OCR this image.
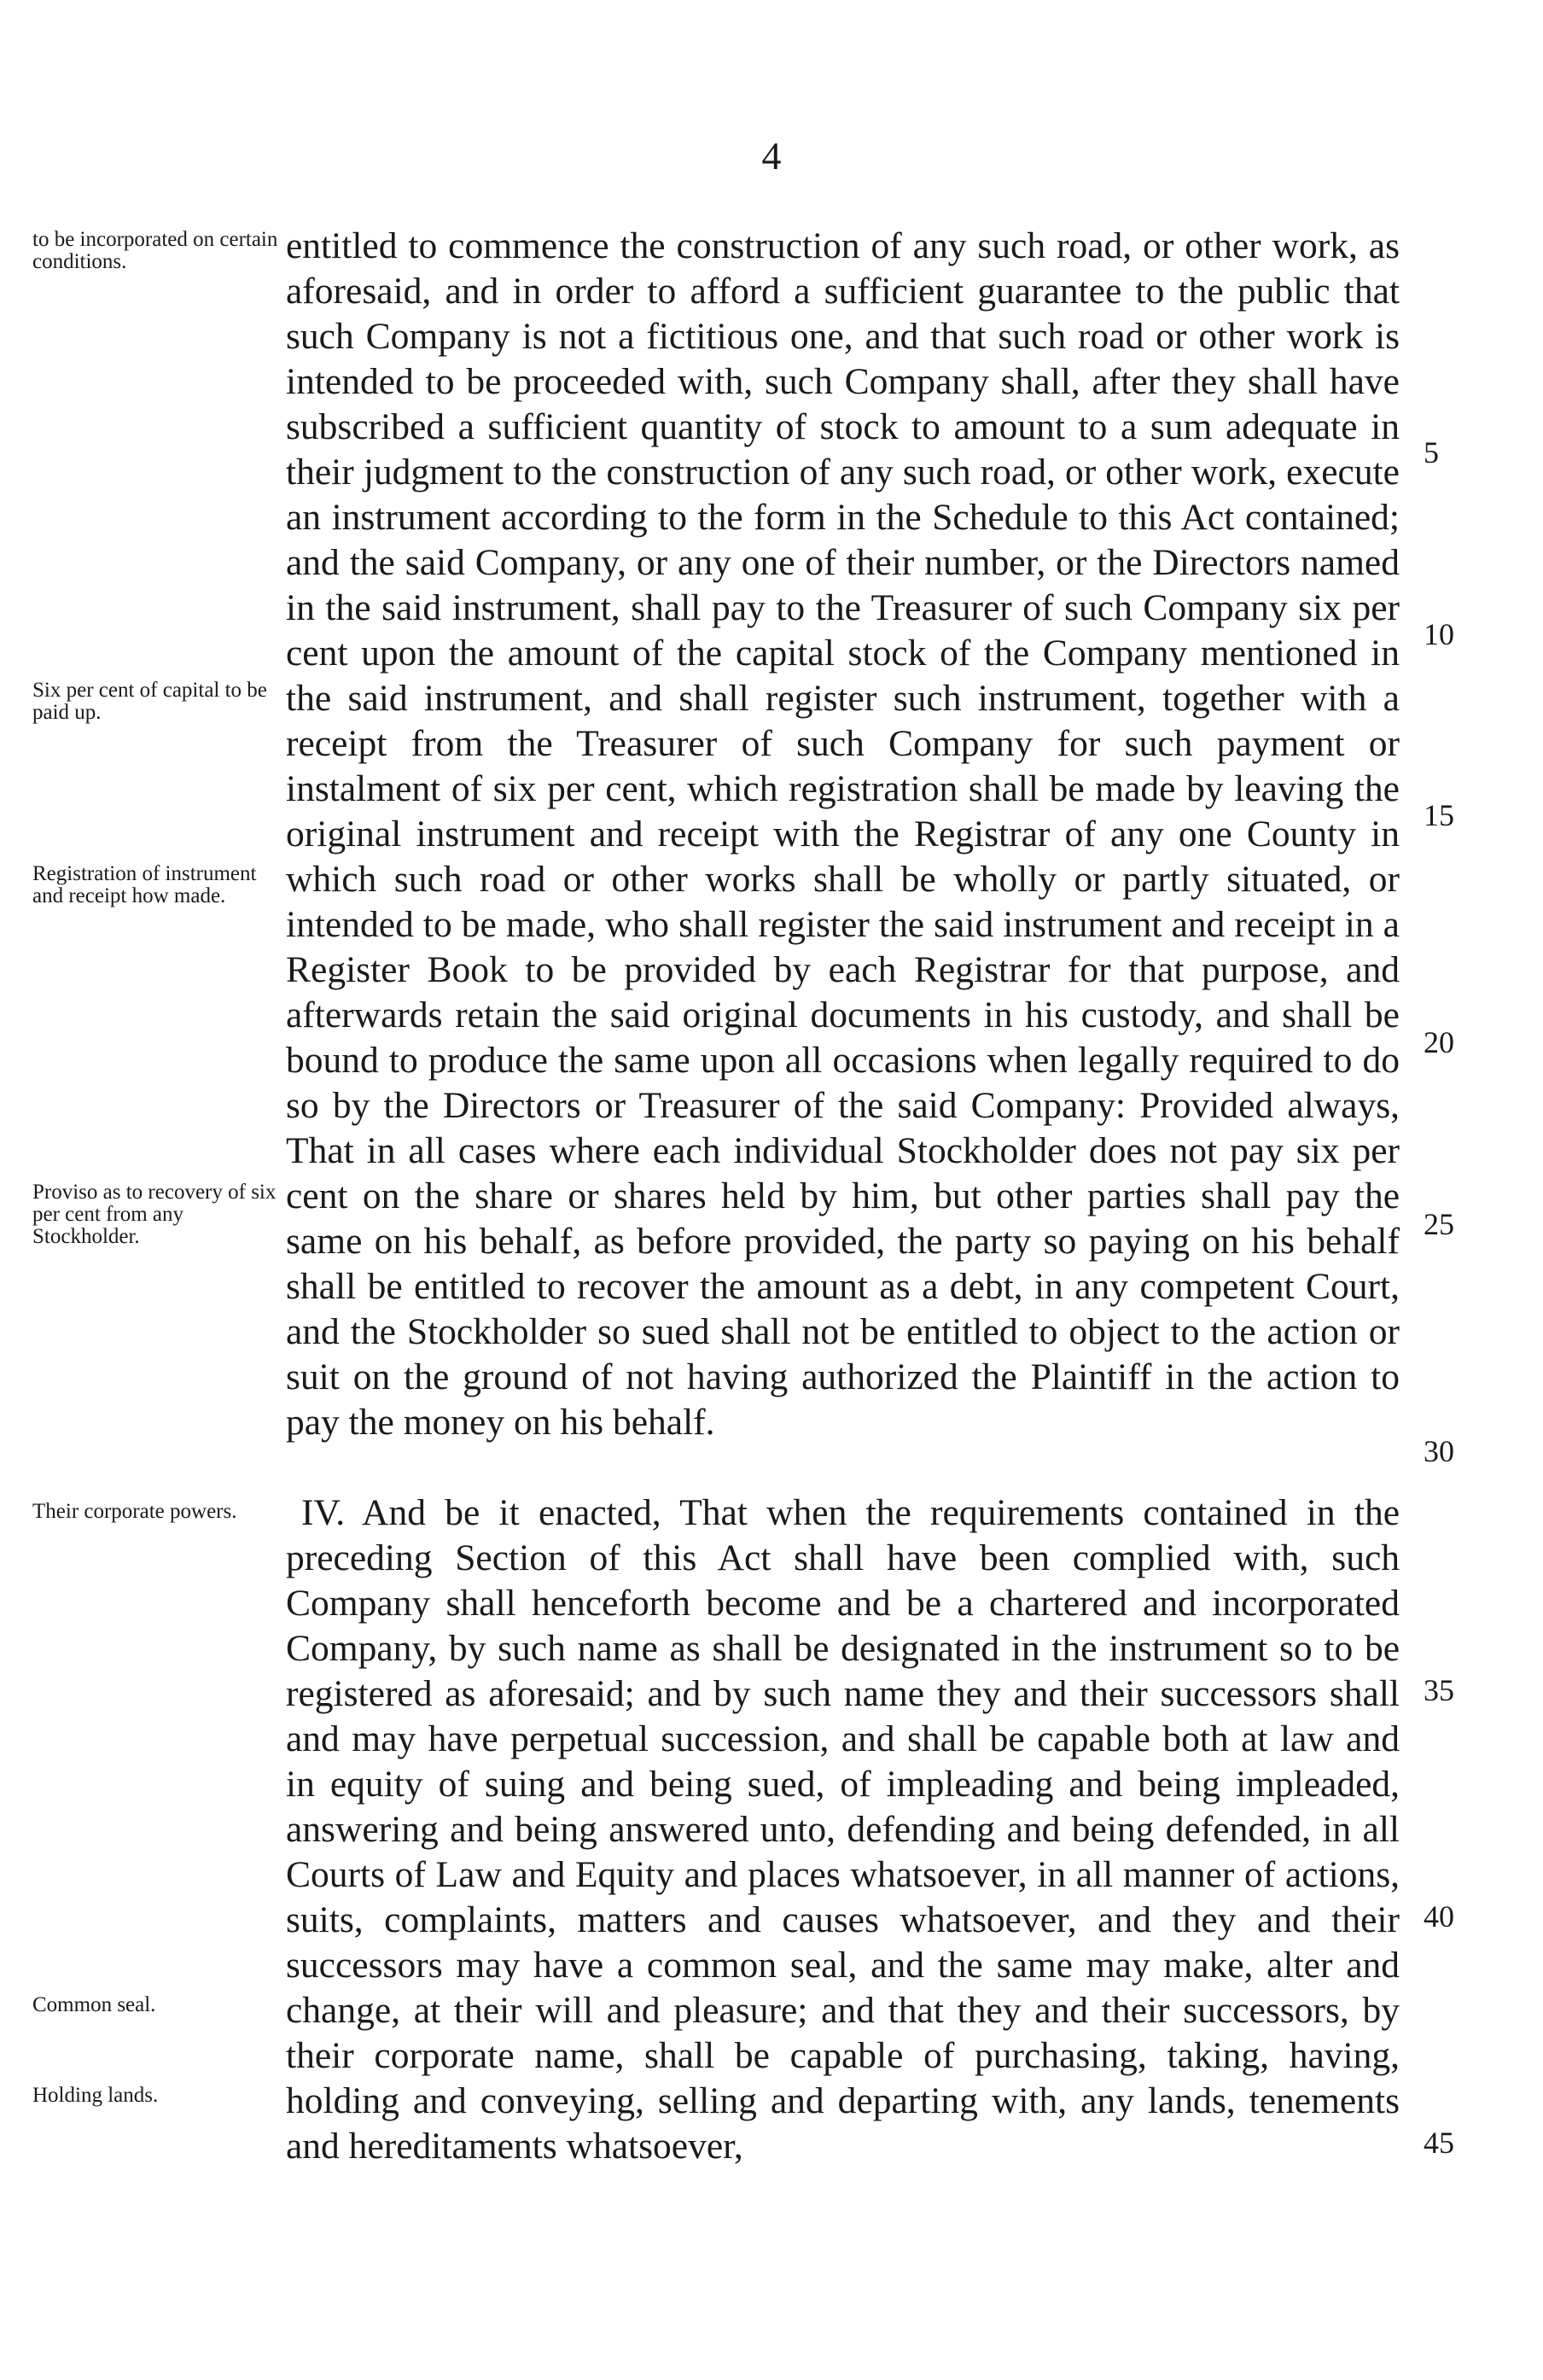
4
to be incorporated on certain conditions.
Six per cent of capital to be paid up.
Registration of instrument and receipt how made.
Proviso as to recovery of six per cent from any Stockholder.
Their corporate powers.
Common seal.
Holding lands.
entitled to commence the construction of any such road, or other work, as aforesaid, and in order to afford a sufficient guarantee to the public that such Company is not a fictitious one, and that such road or other work is intended to be proceeded with, such Company shall, after they shall have subscribed a sufficient quantity of stock to amount to a sum adequate in their judgment to the construction of any such road, or other work, execute an instrument according to the form in the Schedule to this Act contained; and the said Company, or any one of their number, or the Directors named in the said instrument, shall pay to the Treasurer of such Company six per cent upon the amount of the capital stock of the Company mentioned in the said instrument, and shall register such instrument, together with a receipt from the Treasurer of such Company for such payment or instalment of six per cent, which registration shall be made by leaving the original instrument and receipt with the Registrar of any one County in which such road or other works shall be wholly or partly situated, or intended to be made, who shall register the said instrument and receipt in a Register Book to be provided by each Registrar for that purpose, and afterwards retain the said original documents in his custody, and shall be bound to produce the same upon all occasions when legally required to do so by the Directors or Treasurer of the said Company: Provided always, That in all cases where each individual Stockholder does not pay six per cent on the share or shares held by him, but other parties shall pay the same on his behalf, as before provided, the party so paying on his behalf shall be entitled to recover the amount as a debt, in any competent Court, and the Stockholder so sued shall not be entitled to object to the action or suit on the ground of not having authorized the Plaintiff in the action to pay the money on his behalf.
IV. And be it enacted, That when the requirements contained in the preceding Section of this Act shall have been complied with, such Company shall henceforth become and be a chartered and incorporated Company, by such name as shall be designated in the instrument so to be registered as aforesaid; and by such name they and their successors shall and may have perpetual succession, and shall be capable both at law and in equity of suing and being sued, of impleading and being impleaded, answering and being answered unto, defending and being defended, in all Courts of Law and Equity and places whatsoever, in all manner of actions, suits, complaints, matters and causes whatsoever, and they and their successors may have a common seal, and the same may make, alter and change, at their will and pleasure; and that they and their successors, by their corporate name, shall be capable of purchasing, taking, having, holding and conveying, selling and departing with, any lands, tenements and hereditaments whatsoever,
5
10
15
20
25
30
35
40
45
